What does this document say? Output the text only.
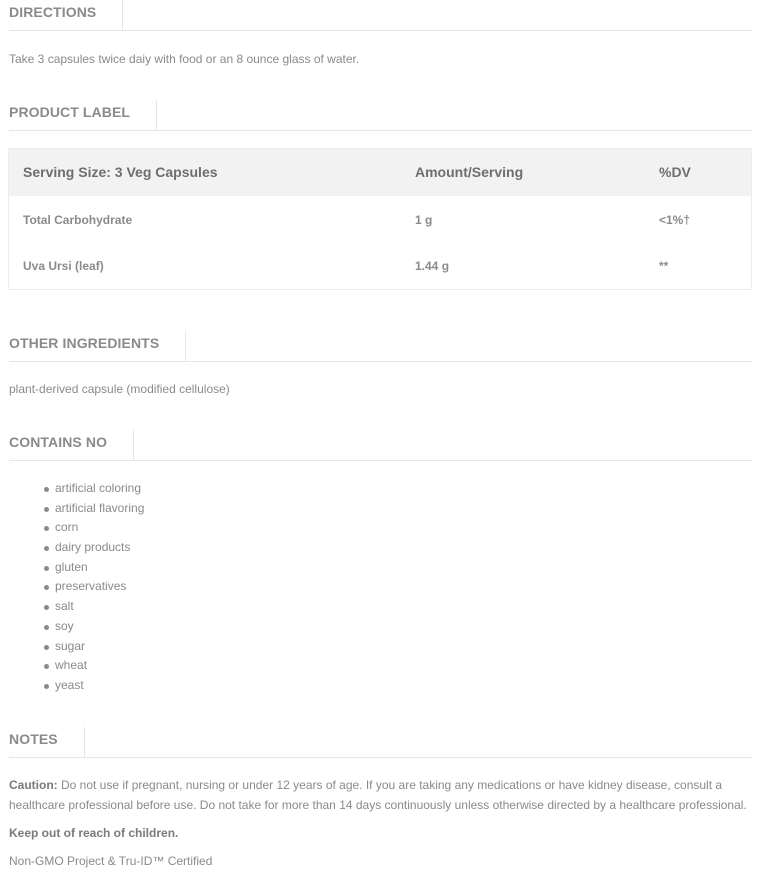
DIRECTIONS
Take 3 capsules twice daiy with food or an 8 ounce glass of water.
PRODUCT LABEL
Serving Size: 3 Veg Capsules	Amount/Serving	%DV
Total Carbohydrate	1 g	<1%†
Uva Ursi (leaf)	1.44 g	**
OTHER INGREDIENTS
plant-derived capsule (modified cellulose)
CONTAINS NO
artificial coloring
artificial flavoring
corn
dairy products
gluten
preservatives
salt
soy
sugar
wheat
yeast
NOTES
Caution: Do not use if pregnant, nursing or under 12 years of age. If you are taking any medications or have kidney disease, consult a healthcare professional before use. Do not take for more than 14 days continuously unless otherwise directed by a healthcare professional.
Keep out of reach of children.
Non-GMO Project & Tru-ID™ Certified
